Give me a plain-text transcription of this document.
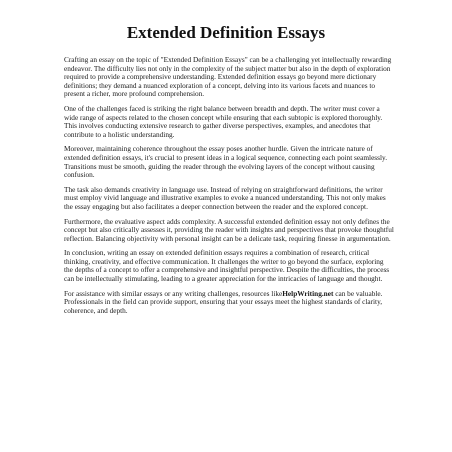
Extended Definition Essays

Crafting an essay on the topic of "Extended Definition Essays" can be a challenging yet intellectually rewarding endeavor. The difficulty lies not only in the complexity of the subject matter but also in the depth of exploration required to provide a comprehensive understanding. Extended definition essays go beyond mere dictionary definitions; they demand a nuanced exploration of a concept, delving into its various facets and nuances to present a richer, more profound comprehension.

One of the challenges faced is striking the right balance between breadth and depth. The writer must cover a wide range of aspects related to the chosen concept while ensuring that each subtopic is explored thoroughly. This involves conducting extensive research to gather diverse perspectives, examples, and anecdotes that contribute to a holistic understanding.

Moreover, maintaining coherence throughout the essay poses another hurdle. Given the intricate nature of extended definition essays, it's crucial to present ideas in a logical sequence, connecting each point seamlessly. Transitions must be smooth, guiding the reader through the evolving layers of the concept without causing confusion.

The task also demands creativity in language use. Instead of relying on straightforward definitions, the writer must employ vivid language and illustrative examples to evoke a nuanced understanding. This not only makes the essay engaging but also facilitates a deeper connection between the reader and the explored concept.

Furthermore, the evaluative aspect adds complexity. A successful extended definition essay not only defines the concept but also critically assesses it, providing the reader with insights and perspectives that provoke thoughtful reflection. Balancing objectivity with personal insight can be a delicate task, requiring finesse in argumentation.

In conclusion, writing an essay on extended definition essays requires a combination of research, critical thinking, creativity, and effective communication. It challenges the writer to go beyond the surface, exploring the depths of a concept to offer a comprehensive and insightful perspective. Despite the difficulties, the process can be intellectually stimulating, leading to a greater appreciation for the intricacies of language and thought.

For assistance with similar essays or any writing challenges, resources likeHelpWriting.net can be valuable. Professionals in the field can provide support, ensuring that your essays meet the highest standards of clarity, coherence, and depth.
